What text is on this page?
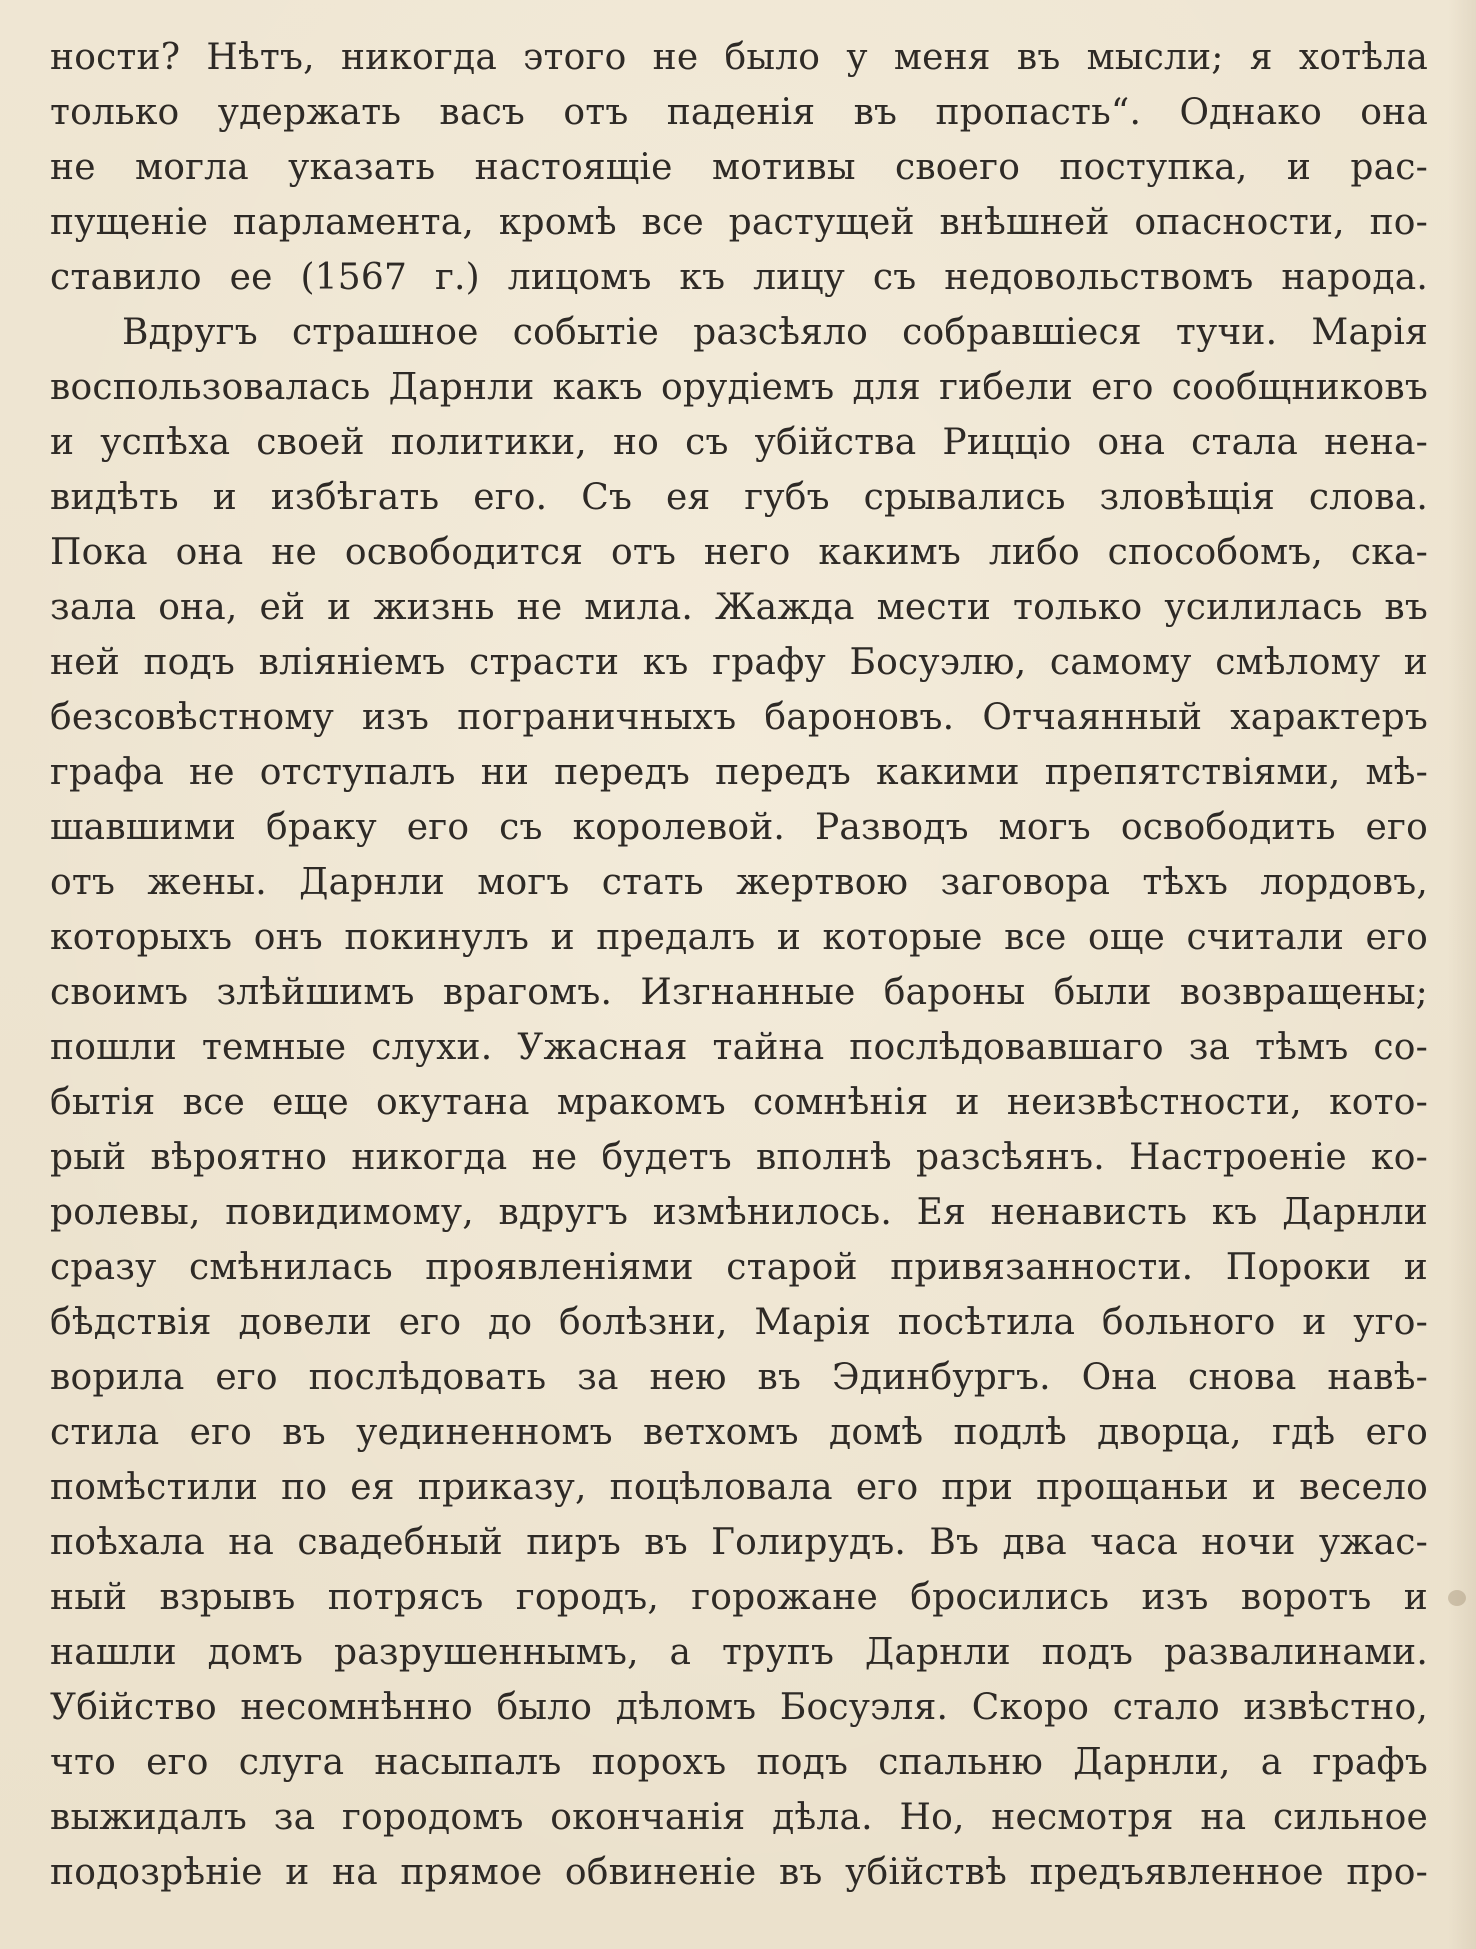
ности? Нѣтъ, никогда этого не было у меня въ мысли; я хотѣла
только удержать васъ отъ паденія въ пропасть“. Однако она
не могла указать настоящіе мотивы своего поступка, и рас-
пущеніе парламента, кромѣ все растущей внѣшней опасности, по-
ставило ее (1567 г.) лицомъ къ лицу съ недовольствомъ народа.
Вдругъ страшное событіе разсѣяло собравшіеся тучи. Марія
воспользовалась Дарнли какъ орудіемъ для гибели его сообщниковъ
и успѣха своей политики, но съ убійства Рицціо она стала нена-
видѣть и избѣгать его. Съ ея губъ срывались зловѣщія слова.
Пока она не освободится отъ него какимъ либо способомъ, ска-
зала она, ей и жизнь не мила. Жажда мести только усилилась въ
ней подъ вліяніемъ страсти къ графу Босуэлю, самому смѣлому и
безсовѣстному изъ пограничныхъ бароновъ. Отчаянный характеръ
графа не отступалъ ни передъ передъ какими препятствіями, мѣ-
шавшими браку его съ королевой. Разводъ могъ освободить его
отъ жены. Дарнли могъ стать жертвою заговора тѣхъ лордовъ,
которыхъ онъ покинулъ и предалъ и которые все още считали его
своимъ злѣйшимъ врагомъ. Изгнанные бароны были возвращены;
пошли темные слухи. Ужасная тайна послѣдовавшаго за тѣмъ со-
бытія все еще окутана мракомъ сомнѣнія и неизвѣстности, кото-
рый вѣроятно никогда не будетъ вполнѣ разсѣянъ. Настроеніе ко-
ролевы, повидимому, вдругъ измѣнилось. Ея ненависть къ Дарнли
сразу смѣнилась проявленіями старой привязанности. Пороки и
бѣдствія довели его до болѣзни, Марія посѣтила больного и уго-
ворила его послѣдовать за нею въ Эдинбургъ. Она снова навѣ-
стила его въ уединенномъ ветхомъ домѣ подлѣ дворца, гдѣ его
помѣстили по ея приказу, поцѣловала его при прощаньи и весело
поѣхала на свадебный пиръ въ Голирудъ. Въ два часа ночи ужас-
ный взрывъ потрясъ городъ, горожане бросились изъ воротъ и
нашли домъ разрушеннымъ, а трупъ Дарнли подъ развалинами.
Убійство несомнѣнно было дѣломъ Босуэля. Скоро стало извѣстно,
что его слуга насыпалъ порохъ подъ спальню Дарнли, а графъ
выжидалъ за городомъ окончанія дѣла. Но, несмотря на сильное
подозрѣніе и на прямое обвиненіе въ убійствѣ предъявленное про-
